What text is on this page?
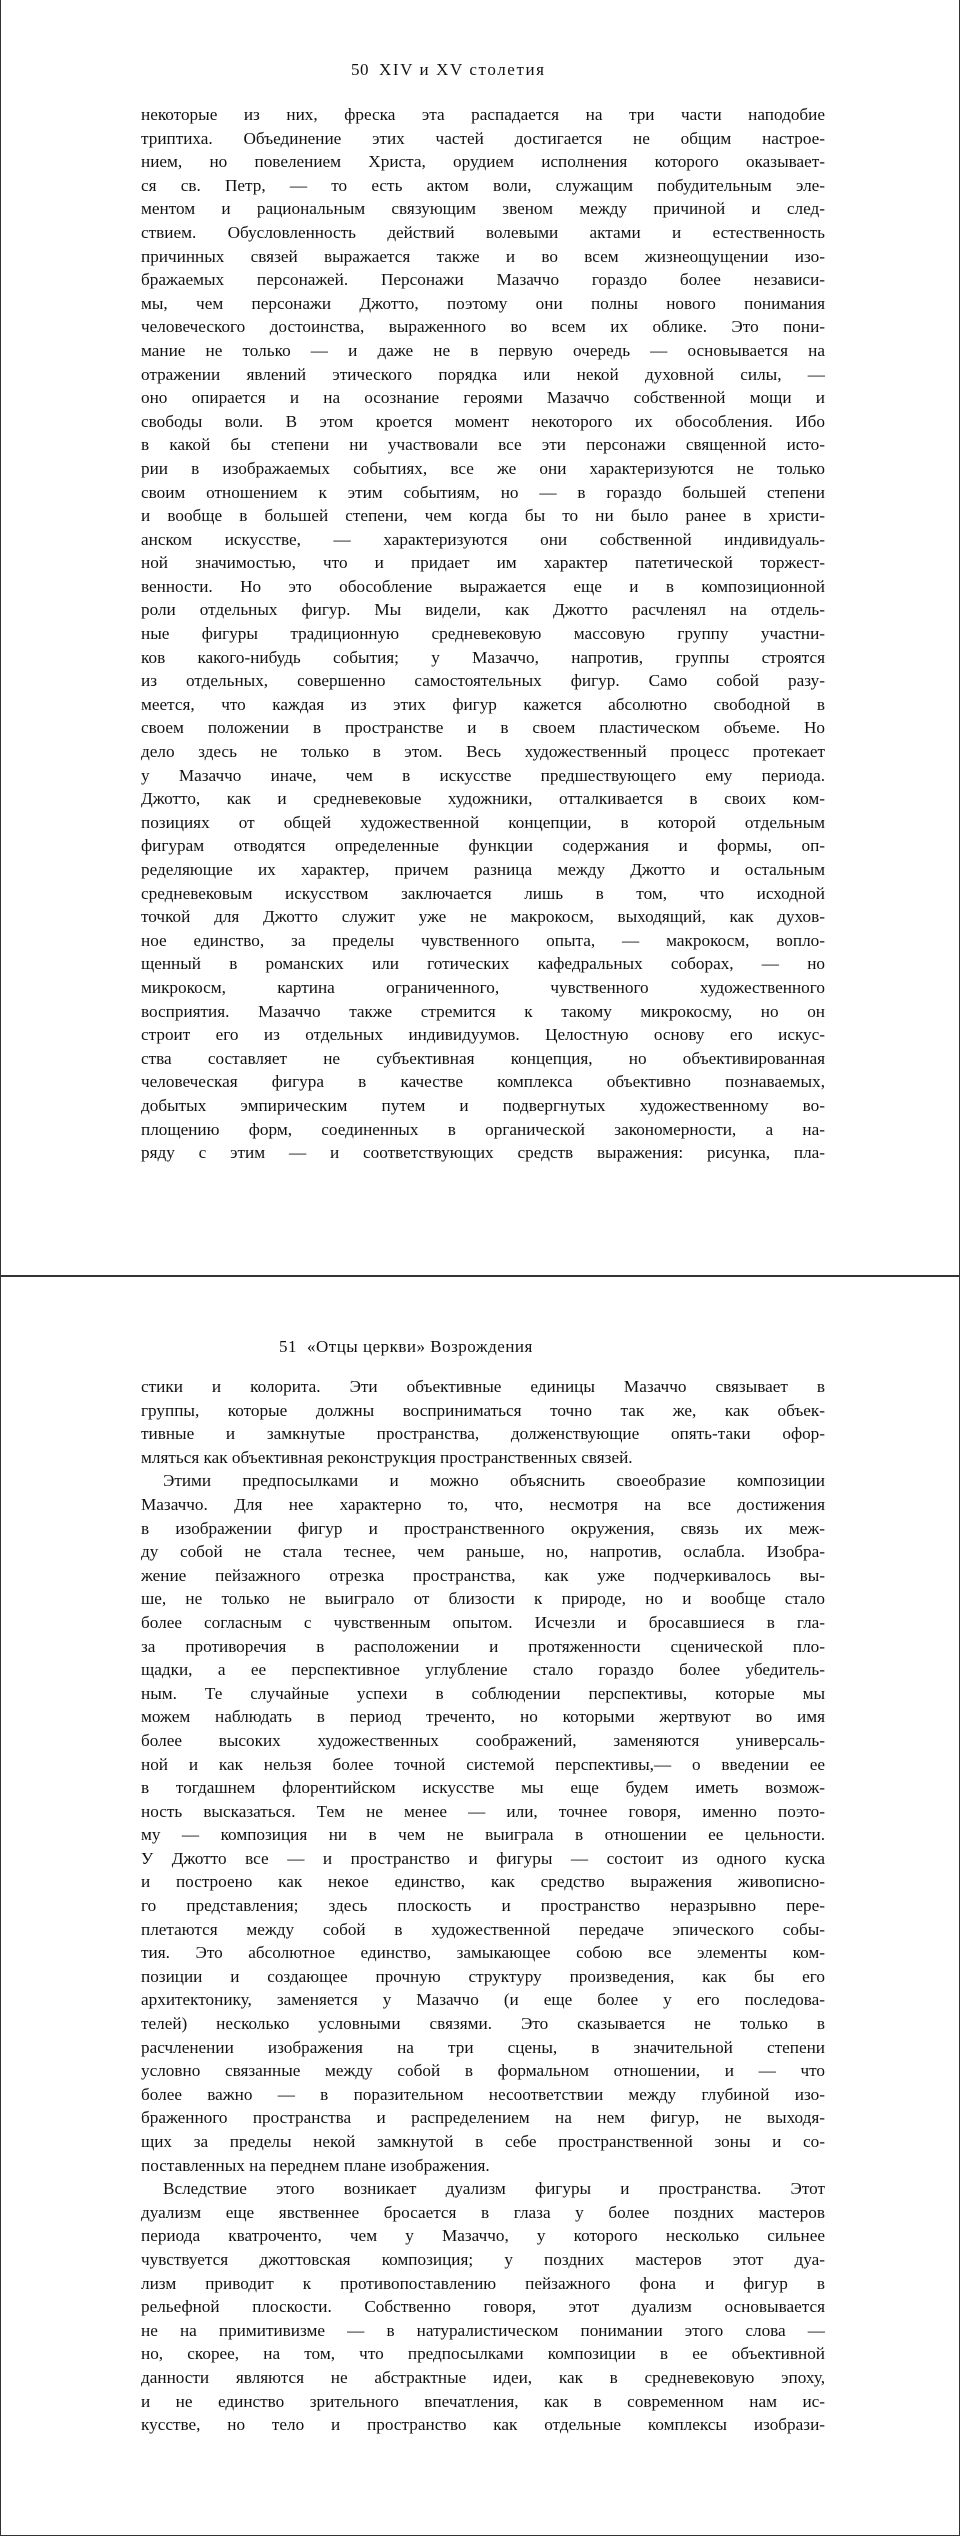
50 XIV и XV столетия
некоторые из них, фреска эта распадается на три части наподобие
триптиха. Объединение этих частей достигается не общим настрое-
нием, но повелением Христа, орудием исполнения которого оказывает-
ся св. Петр, — то есть актом воли, служащим побудительным эле-
ментом и рациональным связующим звеном между причиной и след-
ствием. Обусловленность действий волевыми актами и естественность
причинных связей выражается также и во всем жизнеощущении изо-
бражаемых персонажей. Персонажи Мазаччо гораздо более независи-
мы, чем персонажи Джотто, поэтому они полны нового понимания
человеческого достоинства, выраженного во всем их облике. Это пони-
мание не только — и даже не в первую очередь — основывается на
отражении явлений этического порядка или некой духовной силы, —
оно опирается и на осознание героями Мазаччо собственной мощи и
свободы воли. В этом кроется момент некоторого их обособления. Ибо
в какой бы степени ни участвовали все эти персонажи священной исто-
рии в изображаемых событиях, все же они характеризуются не только
своим отношением к этим событиям, но — в гораздо большей степени
и вообще в большей степени, чем когда бы то ни было ранее в христи-
анском искусстве, — характеризуются они собственной индивидуаль-
ной значимостью, что и придает им характер патетической торжест-
венности. Но это обособление выражается еще и в композиционной
роли отдельных фигур. Мы видели, как Джотто расчленял на отдель-
ные фигуры традиционную средневековую массовую группу участни-
ков какого-нибудь события; у Мазаччо, напротив, группы строятся
из отдельных, совершенно самостоятельных фигур. Само собой разу-
меется, что каждая из этих фигур кажется абсолютно свободной в
своем положении в пространстве и в своем пластическом объеме. Но
дело здесь не только в этом. Весь художественный процесс протекает
у Мазаччо иначе, чем в искусстве предшествующего ему периода.
Джотто, как и средневековые художники, отталкивается в своих ком-
позициях от общей художественной концепции, в которой отдельным
фигурам отводятся определенные функции содержания и формы, оп-
ределяющие их характер, причем разница между Джотто и остальным
средневековым искусством заключается лишь в том, что исходной
точкой для Джотто служит уже не макрокосм, выходящий, как духов-
ное единство, за пределы чувственного опыта, — макрокосм, вопло-
щенный в романских или готических кафедральных соборах, — но
микрокосм, картина ограниченного, чувственного художественного
восприятия. Мазаччо также стремится к такому микрокосму, но он
строит его из отдельных индивидуумов. Целостную основу его искус-
ства составляет не субъективная концепция, но объективированная
человеческая фигура в качестве комплекса объективно познаваемых,
добытых эмпирическим путем и подвергнутых художественному во-
площению форм, соединенных в органической закономерности, а на-
ряду с этим — и соответствующих средств выражения: рисунка, пла-
51 «Отцы церкви» Возрождения
стики и колорита. Эти объективные единицы Мазаччо связывает в
группы, которые должны восприниматься точно так же, как объек-
тивные и замкнутые пространства, долженствующие опять-таки офор-
мляться как объективная реконструкция пространственных связей.
Этими предпосылками и можно объяснить своеобразие композиции
Мазаччо. Для нее характерно то, что, несмотря на все достижения
в изображении фигур и пространственного окружения, связь их меж-
ду собой не стала теснее, чем раньше, но, напротив, ослабла. Изобра-
жение пейзажного отрезка пространства, как уже подчеркивалось вы-
ше, не только не выиграло от близости к природе, но и вообще стало
более согласным с чувственным опытом. Исчезли и бросавшиеся в гла-
за противоречия в расположении и протяженности сценической пло-
щадки, а ее перспективное углубление стало гораздо более убедитель-
ным. Те случайные успехи в соблюдении перспективы, которые мы
можем наблюдать в период треченто, но которыми жертвуют во имя
более высоких художественных соображений, заменяются универсаль-
ной и как нельзя более точной системой перспективы,— о введении ее
в тогдашнем флорентийском искусстве мы еще будем иметь возмож-
ность высказаться. Тем не менее — или, точнее говоря, именно поэто-
му — композиция ни в чем не выиграла в отношении ее цельности.
У Джотто все — и пространство и фигуры — состоит из одного куска
и построено как некое единство, как средство выражения живописно-
го представления; здесь плоскость и пространство неразрывно пере-
плетаются между собой в художественной передаче эпического собы-
тия. Это абсолютное единство, замыкающее собою все элементы ком-
позиции и создающее прочную структуру произведения, как бы его
архитектонику, заменяется у Мазаччо (и еще более у его последова-
телей) несколько условными связями. Это сказывается не только в
расчленении изображения на три сцены, в значительной степени
условно связанные между собой в формальном отношении, и — что
более важно — в поразительном несоответствии между глубиной изо-
браженного пространства и распределением на нем фигур, не выходя-
щих за пределы некой замкнутой в себе пространственной зоны и со-
поставленных на переднем плане изображения.
Вследствие этого возникает дуализм фигуры и пространства. Этот
дуализм еще явственнее бросается в глаза у более поздних мастеров
периода кватроченто, чем у Мазаччо, у которого несколько сильнее
чувствуется джоттовская композиция; у поздних мастеров этот дуа-
лизм приводит к противопоставлению пейзажного фона и фигур в
рельефной плоскости. Собственно говоря, этот дуализм основывается
не на примитивизме — в натуралистическом понимании этого слова —
но, скорее, на том, что предпосылками композиции в ее объективной
данности являются не абстрактные идеи, как в средневековую эпоху,
и не единство зрительного впечатления, как в современном нам ис-
кусстве, но тело и пространство как отдельные комплексы изобрази-
